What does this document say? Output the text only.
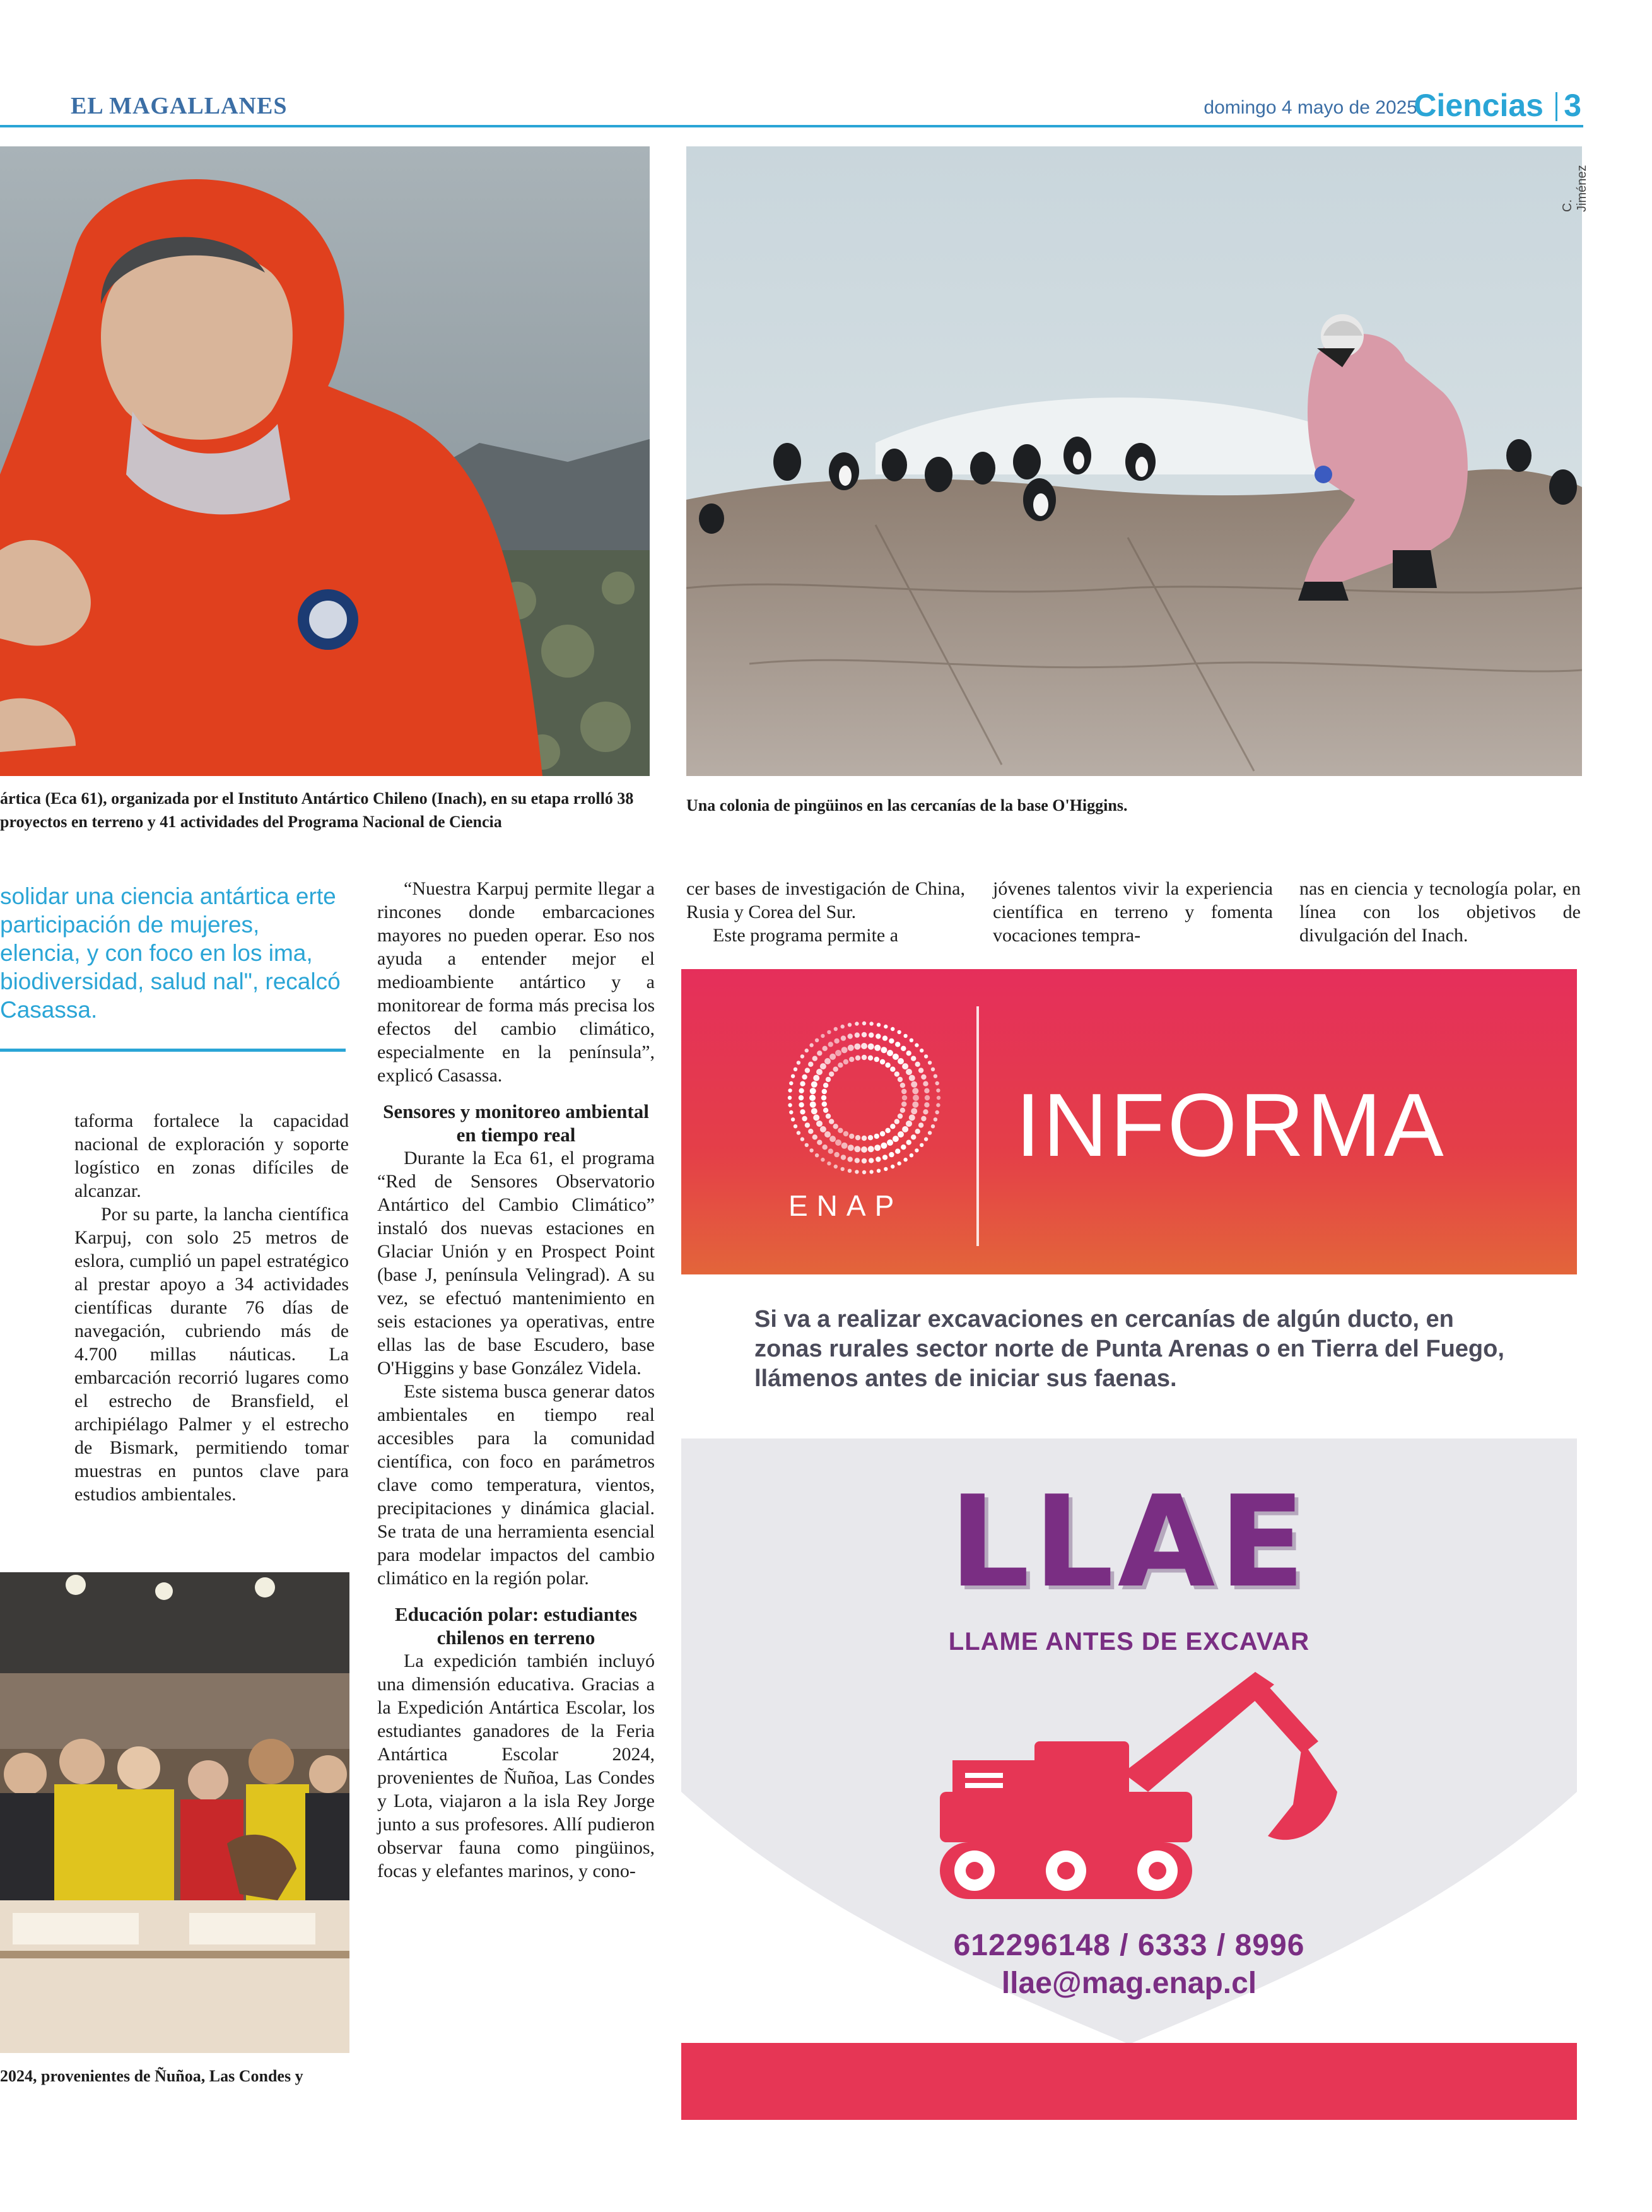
EL MAGALLANES	domingo 4 mayo de 2025
Ciencias 3
C. Jiménez
ártica (Eca 61), organizada por el Instituto Antártico Chileno (Inach), en su etapa rrolló 38 proyectos en terreno y 41 actividades del Programa Nacional de Ciencia
Una colonia de pingüinos en las cercanías de la base O'Higgins.
solidar una ciencia antártica erte participación de mujeres, elencia, y con foco en los ima, biodiversidad, salud nal", recalcó Casassa.

taforma fortalece la capacidad nacional de exploración y soporte logístico en zonas difíciles de alcanzar.

Por su parte, la lancha científica Karpuj, con solo 25 metros de eslora, cumplió un papel estratégico al prestar apoyo a 34 actividades científicas durante 76 días de navegación, cubriendo más de 4.700 millas náuticas. La embarcación recorrió lugares como el estrecho de Bransfield, el archipiélago Palmer y el estrecho de Bismark, permitiendo tomar muestras en puntos clave para estudios ambientales.

2024, provenientes de Ñuñoa, Las Condes y

“Nuestra Karpuj permite llegar a rincones donde embarcaciones mayores no pueden operar. Eso nos ayuda a entender mejor el medioambiente antártico y a monitorear de forma más precisa los efectos del cambio climático, especialmente en la península”, explicó Casassa.

Sensores y monitoreo ambiental en tiempo real

Durante la Eca 61, el programa “Red de Sensores Observatorio Antártico del Cambio Climático” instaló dos nuevas estaciones en Glaciar Unión y en Prospect Point (base J, península Velingrad). A su vez, se efectuó mantenimiento en seis estaciones ya operativas, entre ellas las de base Escudero, base O'Higgins y base González Videla.

Este sistema busca generar datos ambientales en tiempo real accesibles para la comunidad científica, con foco en parámetros clave como temperatura, vientos, precipitaciones y dinámica glacial. Se trata de una herramienta esencial para modelar impactos del cambio climático en la región polar.

Educación polar: estudiantes chilenos en terreno

La expedición también incluyó una dimensión educativa. Gracias a la Expedición Antártica Escolar, los estudiantes ganadores de la Feria Antártica Escolar 2024, provenientes de Ñuñoa, Las Condes y Lota, viajaron a la isla Rey Jorge junto a sus profesores. Allí pudieron observar fauna como pingüinos, focas y elefantes marinos, y cono-

cer bases de investigación de China, Rusia y Corea del Sur.

Este programa permite a

jóvenes talentos vivir la experiencia científica en terreno y fomenta vocaciones tempra-

nas en ciencia y tecnología polar, en línea con los objetivos de divulgación del Inach.

ENAP
INFORMA
Si va a realizar excavaciones en cercanías de algún ducto, en zonas rurales sector norte de Punta Arenas o en Tierra del Fuego, llámenos antes de iniciar sus faenas.
LLAE
LLAME ANTES DE EXCAVAR
612296148 / 6333 / 8996
llae@mag.enap.cl
